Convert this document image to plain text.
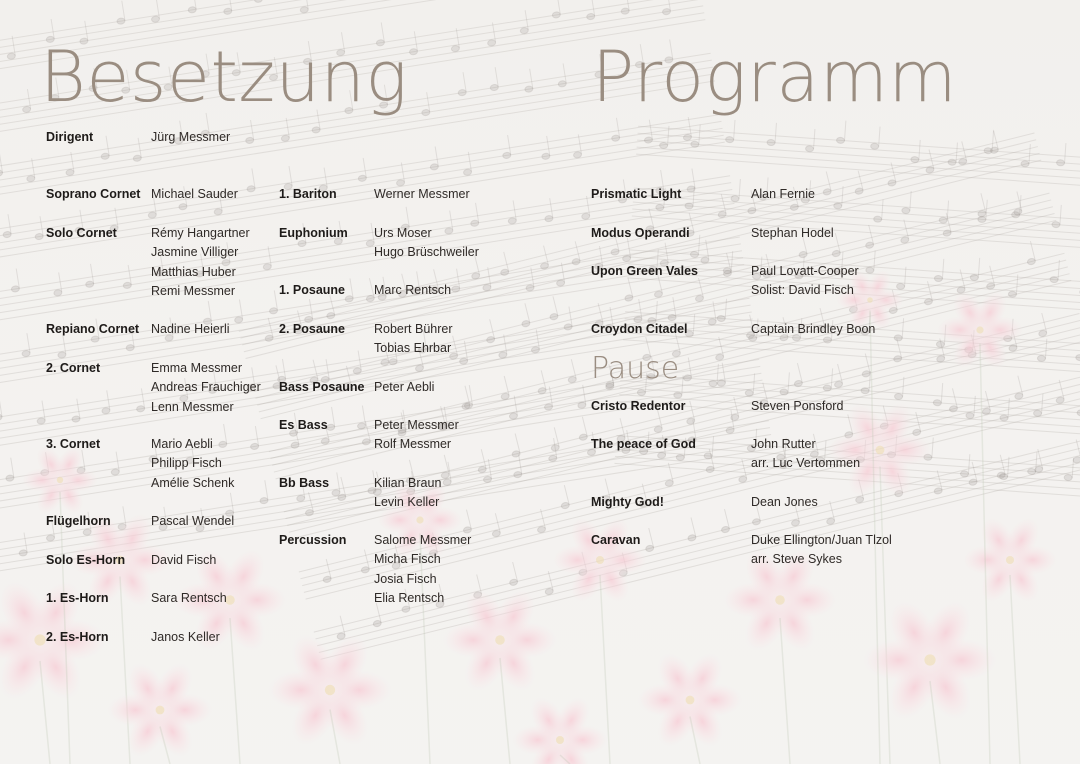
Besetzung	Programm
Dirigent	Jürg Messmer
Soprano Cornet Michael Sauder
Solo Cornet	Rémy Hangartner
Jasmine Villiger
Matthias Huber
Remi Messmer
Repiano Cornet Nadine Heierli
2. Cornet	Emma Messmer
Andreas Frauchiger
Lenn Messmer
3. Cornet	Mario Aebli
Philipp Fisch
Amélie Schenk
Flügelhorn	Pascal Wendel
Solo Es-Horn David Fisch
1. Es-Horn	Sara Rentsch
2. Es-Horn	Janos Keller
1. Bariton	Werner Messmer
Euphonium Urs Moser
Hugo Brüschweiler
1. Posaune Marc Rentsch
2. Posaune Robert Bührer
Tobias Ehrbar
Bass Posaune Peter Aebli
Es Bass	Peter Messmer
Rolf Messmer
Bb Bass	Kilian Braun
Levin Keller
Percussion Salome Messmer
Micha Fisch
Josia Fisch
Elia Rentsch
Prismatic Light	Alan Fernie
Modus Operandi	Stephan Hodel
Upon Green Vales	Paul Lovatt-Cooper
Solist: David Fisch
Croydon Citadel	Captain Brindley Boon
Pause
Cristo Redentor	Steven Ponsford
The peace of God	John Rutter
arr. Luc Vertommen
Mighty God!	Dean Jones
Caravan	Duke Ellington/Juan Tlzol
arr. Steve Sykes
